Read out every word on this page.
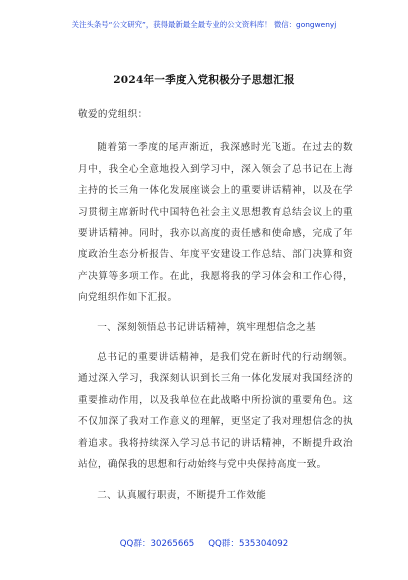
关注头条号“公文研究”，获得最新最全最专业的公文资料库！ 微信：gongwenyj
2024年一季度入党积极分子思想汇报

敬爱的党组织：

随着第一季度的尾声渐近，我深感时光飞逝。在过去的数月中，我全心全意地投入到学习中，深入领会了总书记在上海主持的长三角一体化发展座谈会上的重要讲话精神，以及在学习贯彻主席新时代中国特色社会主义思想教育总结会议上的重要讲话精神。同时，我亦以高度的责任感和使命感，完成了年度政治生态分析报告、年度平安建设工作总结、部门决算和资产决算等多项工作。在此，我愿将我的学习体会和工作心得，向党组织作如下汇报。

一、深刻领悟总书记讲话精神，筑牢理想信念之基

总书记的重要讲话精神，是我们党在新时代的行动纲领。通过深入学习，我深刻认识到长三角一体化发展对我国经济的重要推动作用，以及我单位在此战略中所扮演的重要角色。这不仅加深了我对工作意义的理解，更坚定了我对理想信念的执着追求。我将持续深入学习总书记的讲话精神，不断提升政治站位，确保我的思想和行动始终与党中央保持高度一致。

二、认真履行职责，不断提升工作效能

QQ群：30265665 QQ群：535304092
